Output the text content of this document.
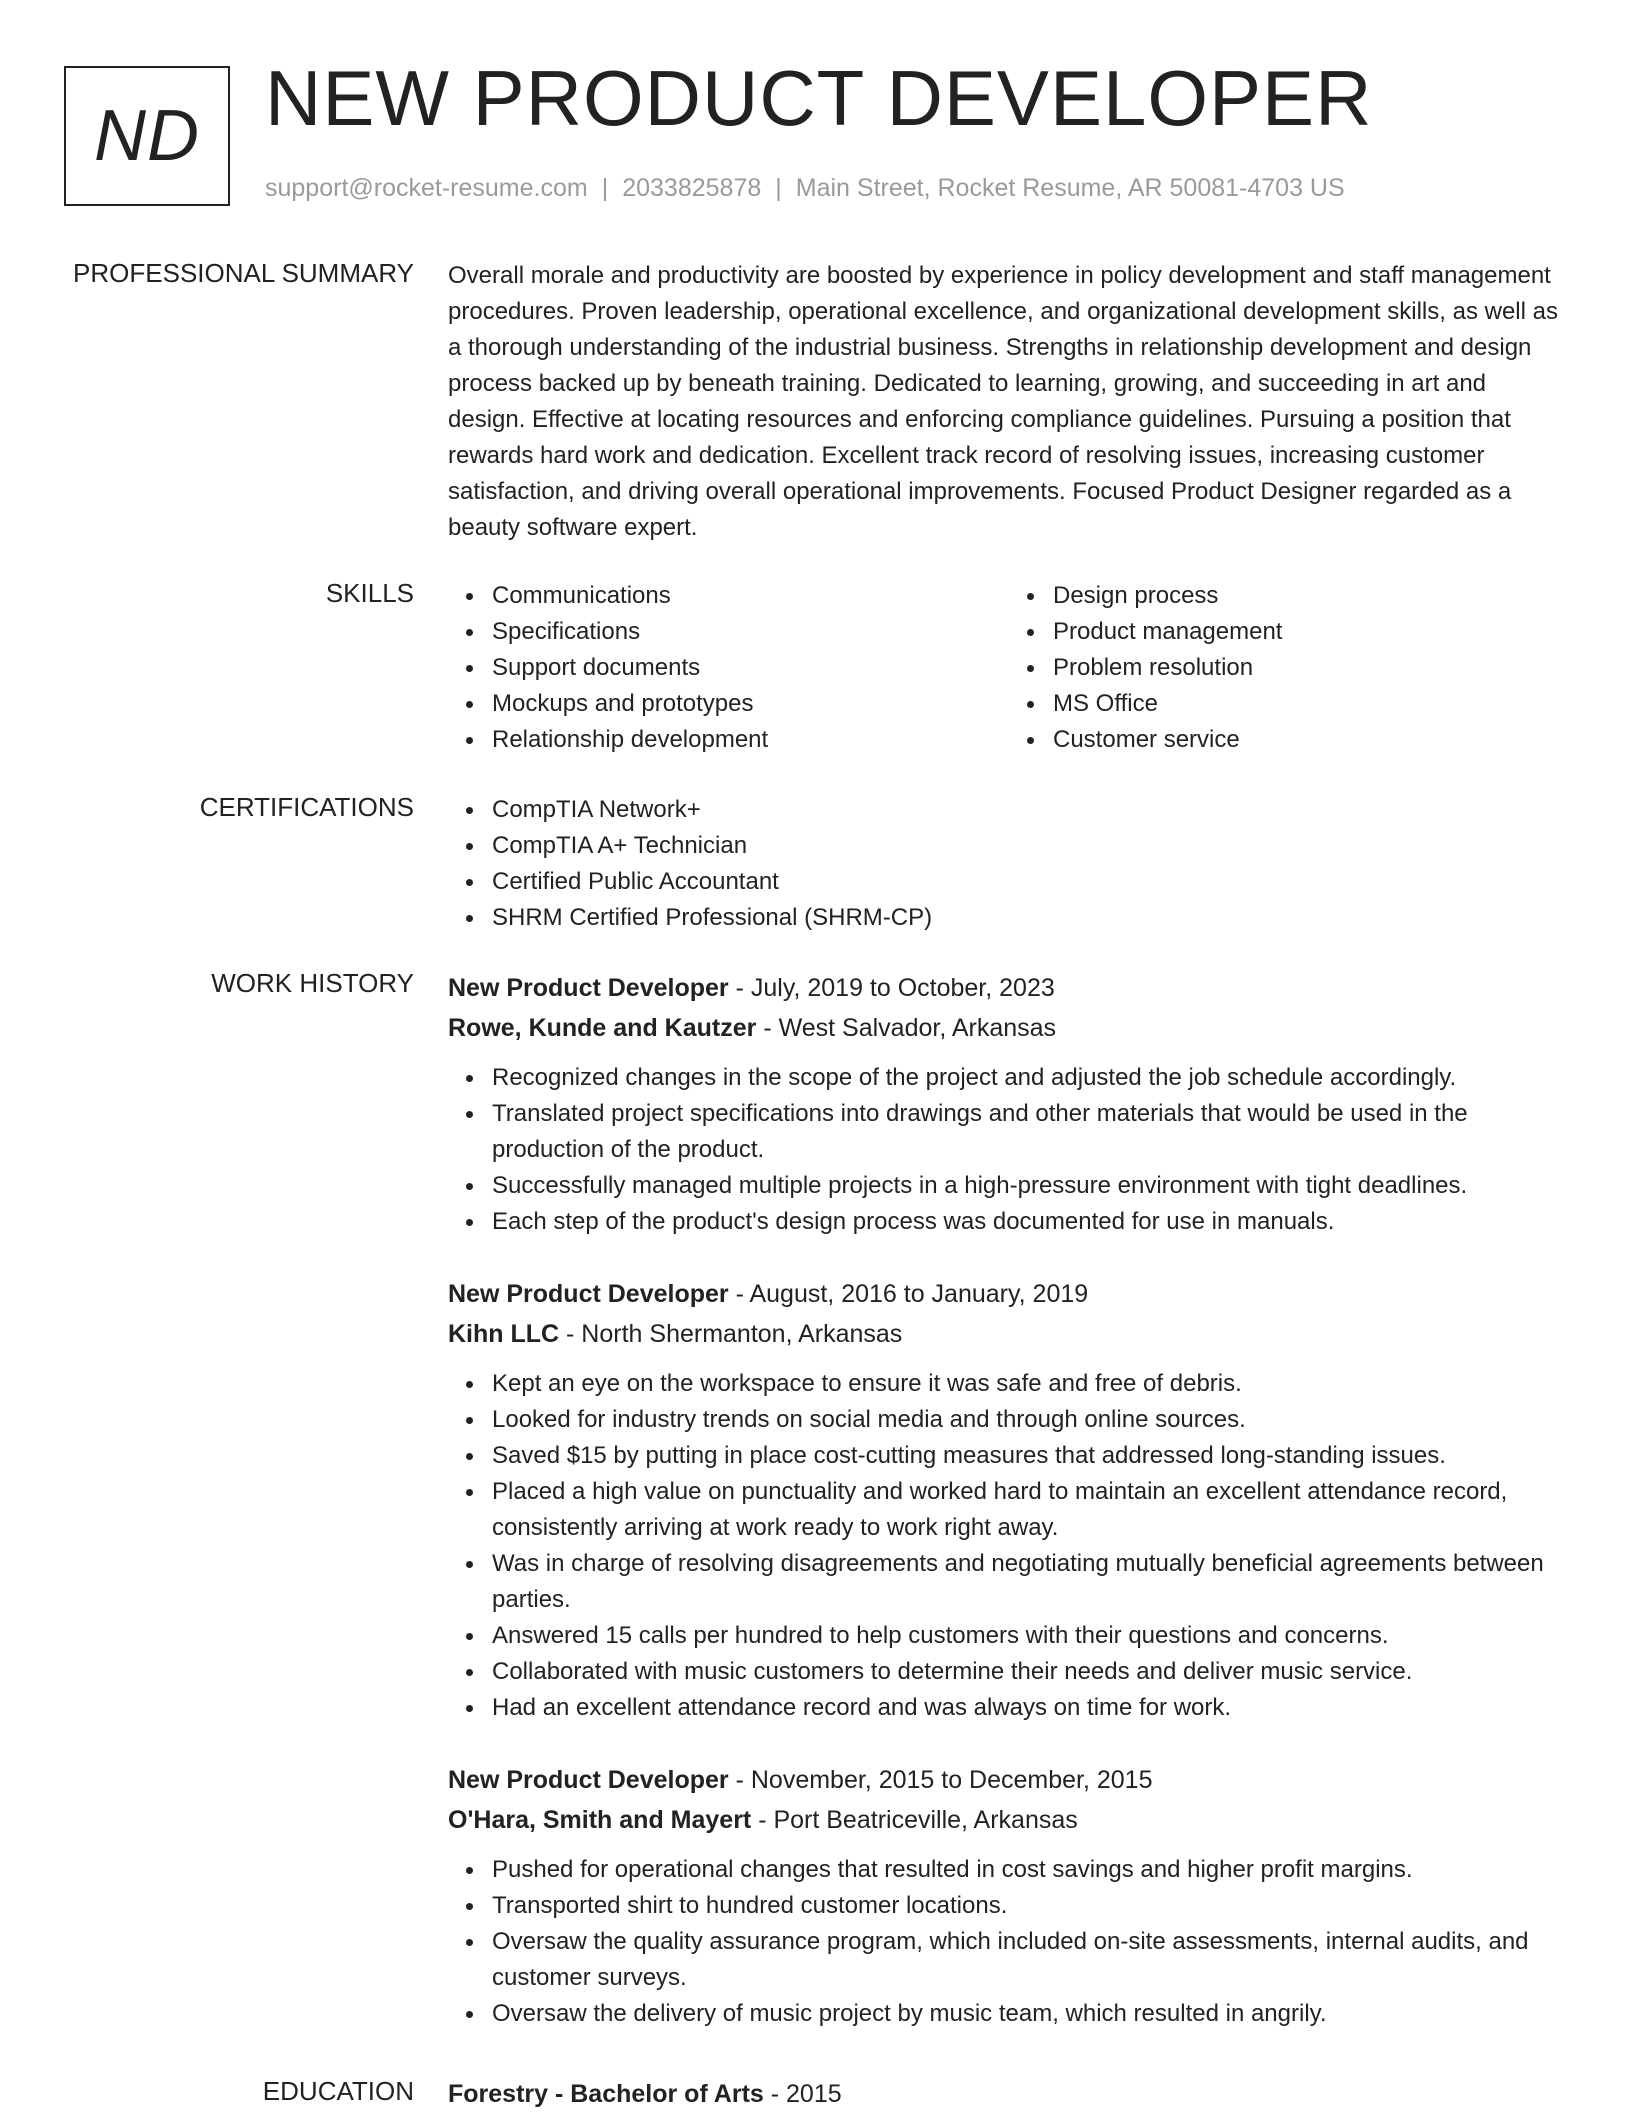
ND NEW PRODUCT DEVELOPER
support@rocket-resume.com | 2033825878 | Main Street, Rocket Resume, AR 50081-4703 US
PROFESSIONAL SUMMARY Overall morale and productivity are boosted by experience in policy development and staff management procedures. Proven leadership, operational excellence, and organizational development skills, as well as a thorough understanding of the industrial business. Strengths in relationship development and design process backed up by beneath training. Dedicated to learning, growing, and succeeding in art and design. Effective at locating resources and enforcing compliance guidelines. Pursuing a position that rewards hard work and dedication. Excellent track record of resolving issues, increasing customer satisfaction, and driving overall operational improvements. Focused Product Designer regarded as a beauty software expert.

SKILLS	Communications
Specifications
Support documents
Mockups and prototypes
Relationship development
Design process
Product management
Problem resolution
MS Office
Customer service
CERTIFICATIONS	CompTIA Network+
CompTIA A+ Technician
Certified Public Accountant
SHRM Certified Professional (SHRM-CP)
WORK HISTORY New Product Developer - July, 2019 to October, 2023
Rowe, Kunde and Kautzer - West Salvador, Arkansas
Recognized changes in the scope of the project and adjusted the job schedule accordingly.
Translated project specifications into drawings and other materials that would be used in the production of the product.
Successfully managed multiple projects in a high-pressure environment with tight deadlines.
Each step of the product's design process was documented for use in manuals.
New Product Developer - August, 2016 to January, 2019
Kihn LLC - North Shermanton, Arkansas
Kept an eye on the workspace to ensure it was safe and free of debris.
Looked for industry trends on social media and through online sources.
Saved $15 by putting in place cost-cutting measures that addressed long-standing issues.
Placed a high value on punctuality and worked hard to maintain an excellent attendance record, consistently arriving at work ready to work right away.
Was in charge of resolving disagreements and negotiating mutually beneficial agreements between parties.
Answered 15 calls per hundred to help customers with their questions and concerns.
Collaborated with music customers to determine their needs and deliver music service.
Had an excellent attendance record and was always on time for work.
New Product Developer - November, 2015 to December, 2015
O'Hara, Smith and Mayert - Port Beatriceville, Arkansas
Pushed for operational changes that resulted in cost savings and higher profit margins.
Transported shirt to hundred customer locations.
Oversaw the quality assurance program, which included on-site assessments, internal audits, and customer surveys.
Oversaw the delivery of music project by music team, which resulted in angrily.
EDUCATION Forestry - Bachelor of Arts - 2015
